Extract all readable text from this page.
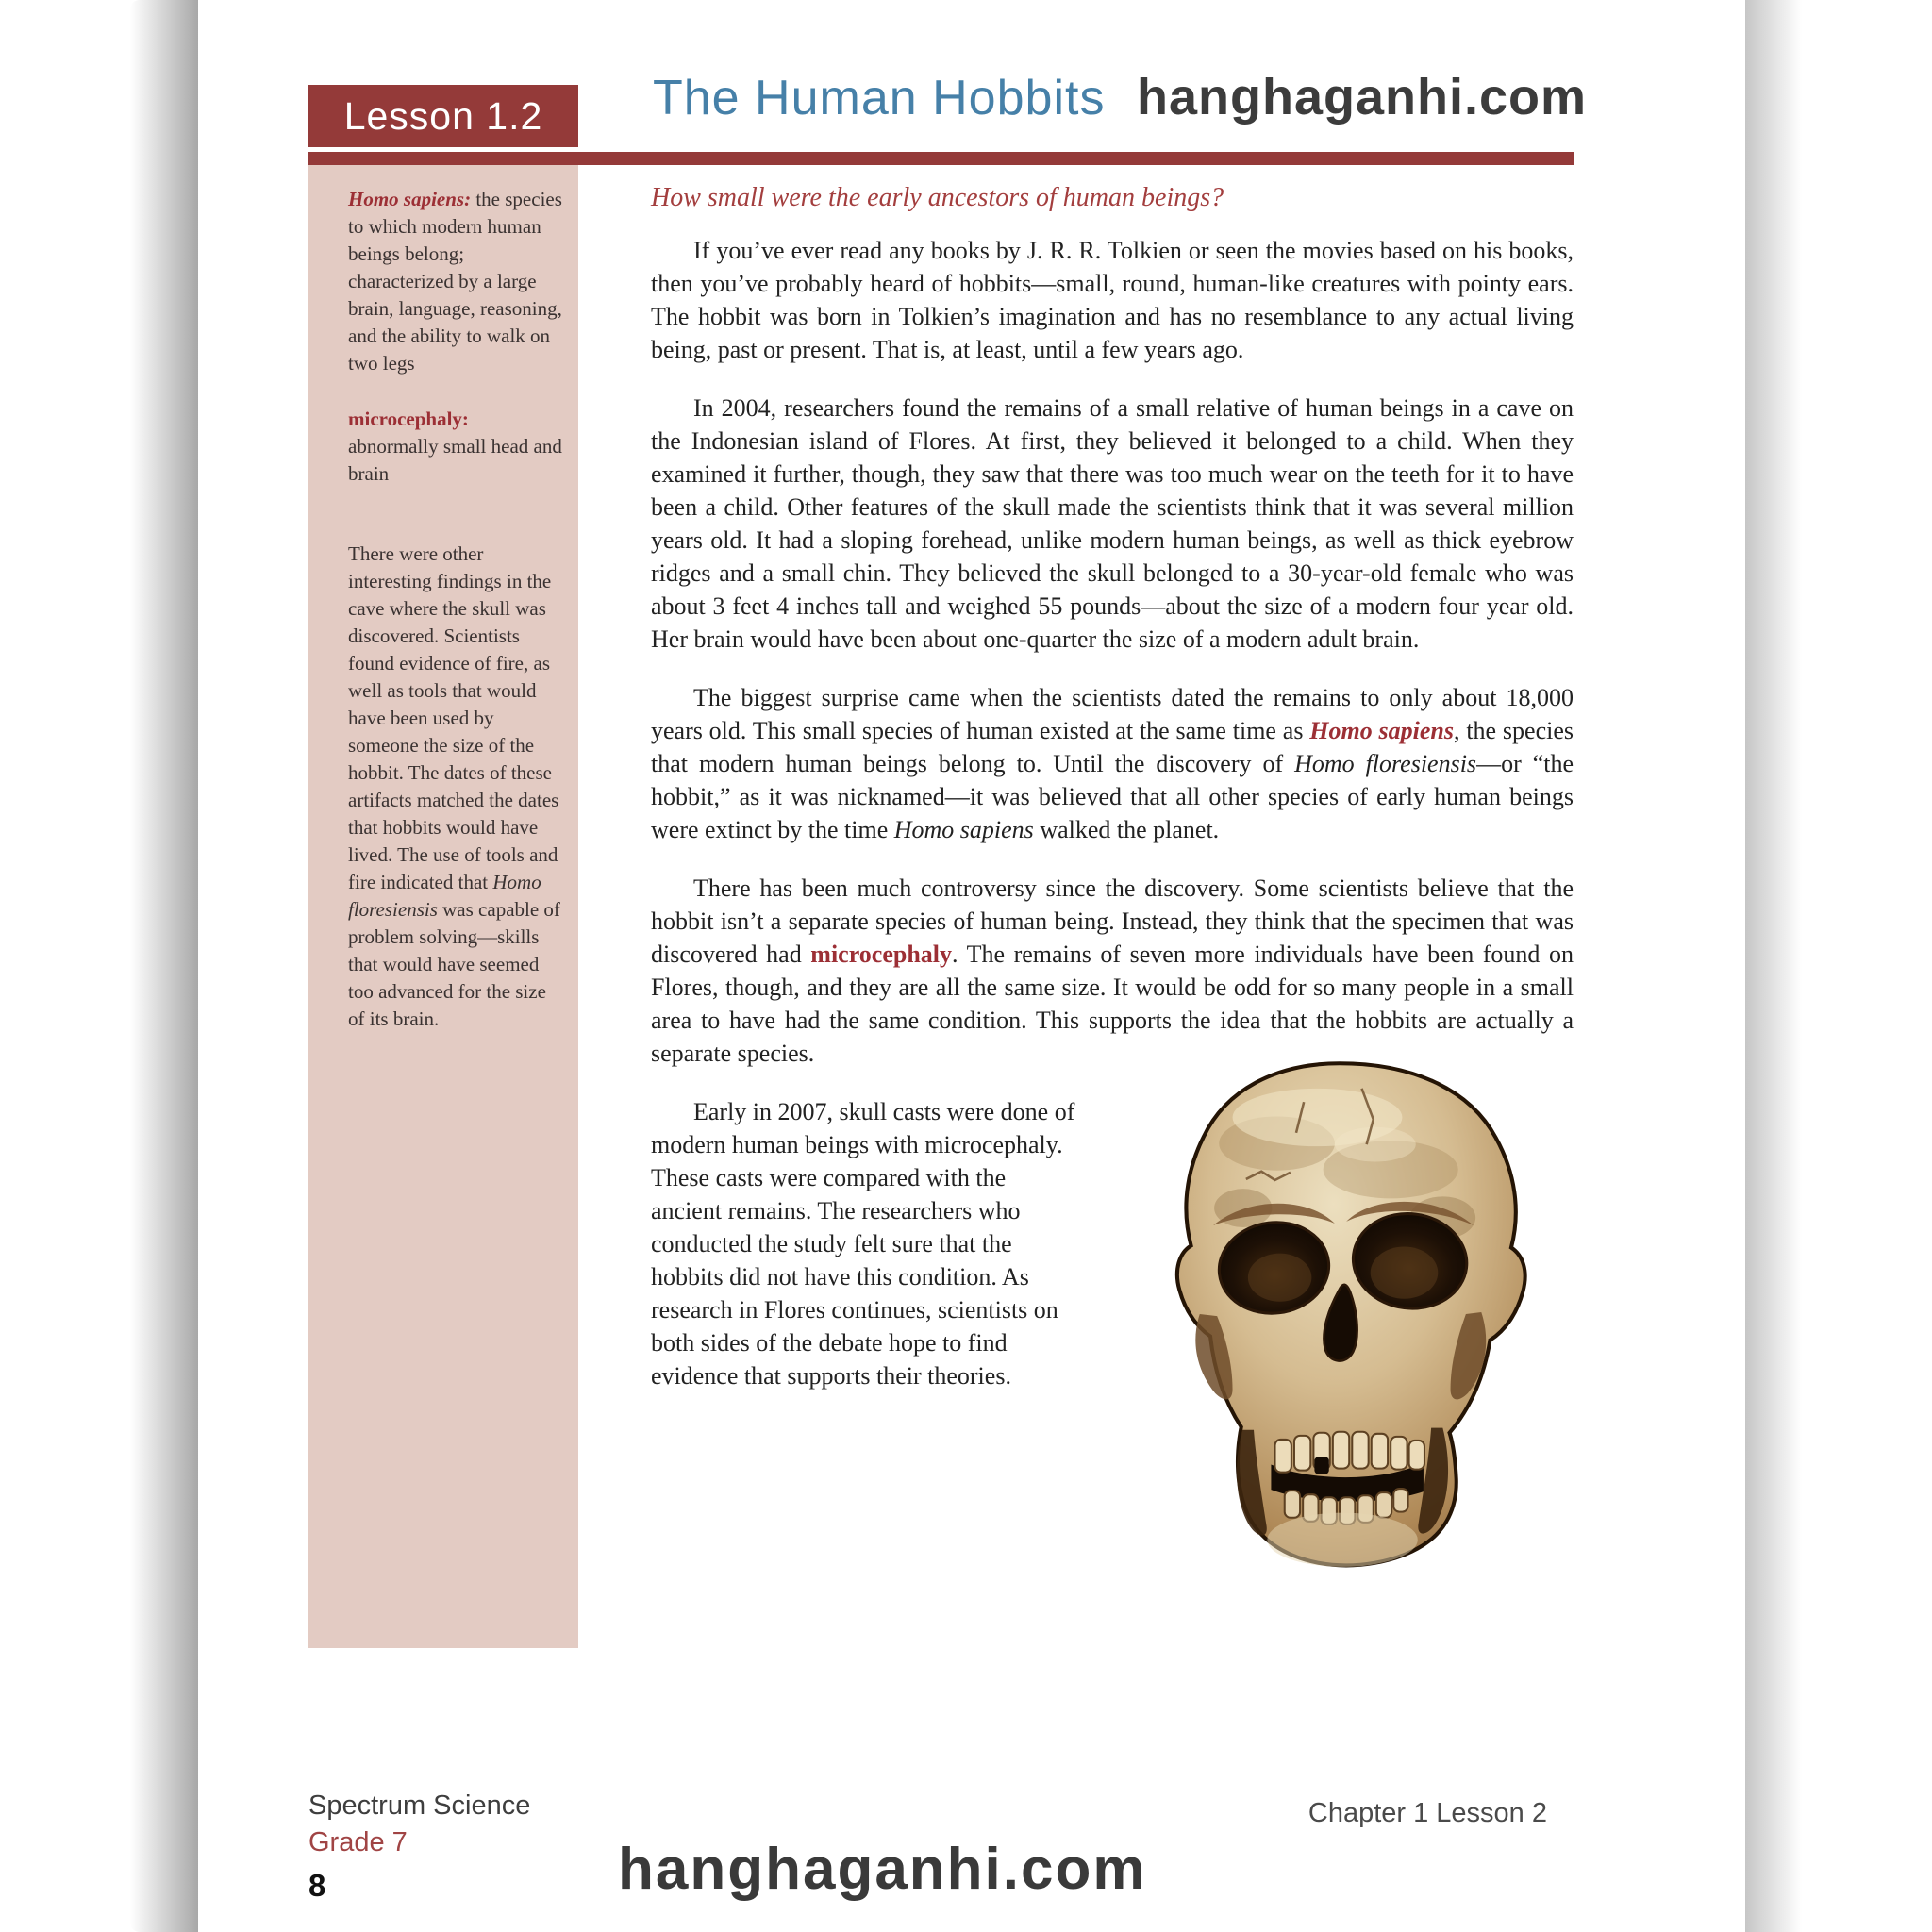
Lesson 1.2	The Human Hobbits hanghaganhi.com

Homo sapiens: the species to which modern human beings belong; characterized by a large brain, language, reasoning, and the ability to walk on two legs

microcephaly: abnormally small head and brain

There were other interesting findings in the cave where the skull was discovered. Scientists found evidence of fire, as well as tools that would have been used by someone the size of the hobbit. The dates of these artifacts matched the dates that hobbits would have lived. The use of tools and fire indicated that Homo floresiensis was capable of problem solving—skills that would have seemed too advanced for the size of its brain.

How small were the early ancestors of human beings?

If you’ve ever read any books by J. R. R. Tolkien or seen the movies based on his books, then you’ve probably heard of hobbits—small, round, human-like creatures with pointy ears. The hobbit was born in Tolkien’s imagination and has no resemblance to any actual living being, past or present. That is, at least, until a few years ago.

In 2004, researchers found the remains of a small relative of human beings in a cave on the Indonesian island of Flores. At first, they believed it belonged to a child. When they examined it further, though, they saw that there was too much wear on the teeth for it to have been a child. Other features of the skull made the scientists think that it was several million years old. It had a sloping forehead, unlike modern human beings, as well as thick eyebrow ridges and a small chin. They believed the skull belonged to a 30-year-old female who was about 3 feet 4 inches tall and weighed 55 pounds—about the size of a modern four year old. Her brain would have been about one-quarter the size of a modern adult brain.

The biggest surprise came when the scientists dated the remains to only about 18,000 years old. This small species of human existed at the same time as Homo sapiens, the species that modern human beings belong to. Until the discovery of Homo floresiensis—or “the hobbit,” as it was nicknamed—it was believed that all other species of early human beings were extinct by the time Homo sapiens walked the planet.

There has been much controversy since the discovery. Some scientists believe that the hobbit isn’t a separate species of human being. Instead, they think that the specimen that was discovered had microcephaly. The remains of seven more individuals have been found on Flores, though, and they are all the same size. It would be odd for so many people in a small area to have had the same condition. This supports the idea that the hobbits are actually a separate species.

Early in 2007, skull casts were done of modern human beings with microcephaly. These casts were compared with the ancient remains. The researchers who conducted the study felt sure that the hobbits did not have this condition. As research in Flores continues, scientists on both sides of the debate hope to find evidence that supports their theories.

Spectrum Science
Grade 7
8
Chapter 1 Lesson 2
hanghaganhi.com
